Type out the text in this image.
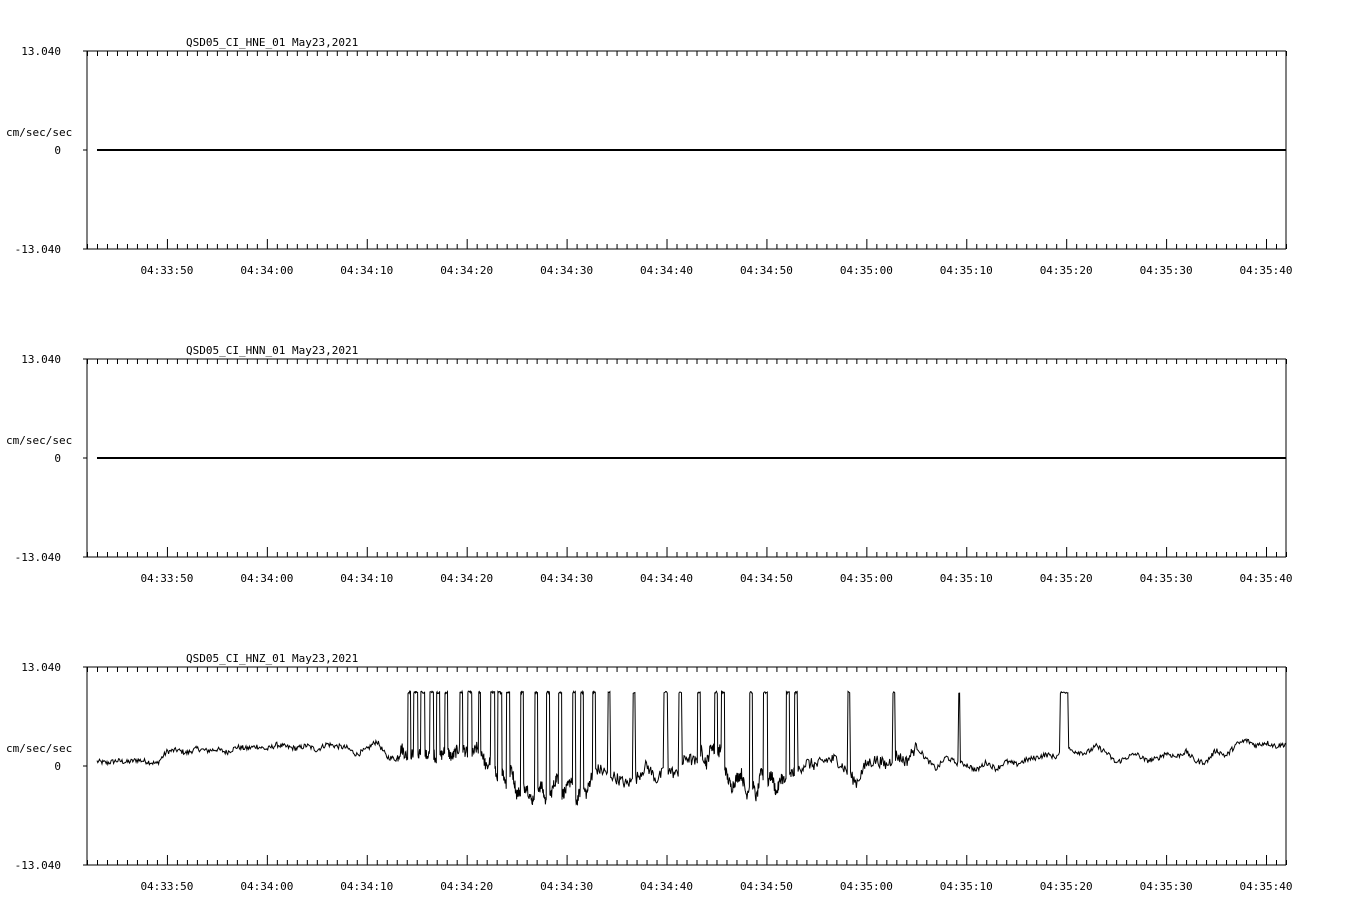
04:33:50	04:34:00	04:34:10	04:34:20	04:34:30	04:34:40	04:34:50	04:35:00	04:35:10	04:35:20	04:35:30	04:35:40
13.040
0
-13.040
cm/sec/sec
QSD05_CI_HNE_01 May23,2021
04:33:50	04:34:00	04:34:10	04:34:20	04:34:30	04:34:40	04:34:50	04:35:00	04:35:10	04:35:20	04:35:30	04:35:40
13.040
0
-13.040
cm/sec/sec
QSD05_CI_HNN_01 May23,2021
04:33:50	04:34:00	04:34:10	04:34:20	04:34:30	04:34:40	04:34:50	04:35:00	04:35:10	04:35:20	04:35:30	04:35:40
13.040
0
-13.040
cm/sec/sec
QSD05_CI_HNZ_01 May23,2021
